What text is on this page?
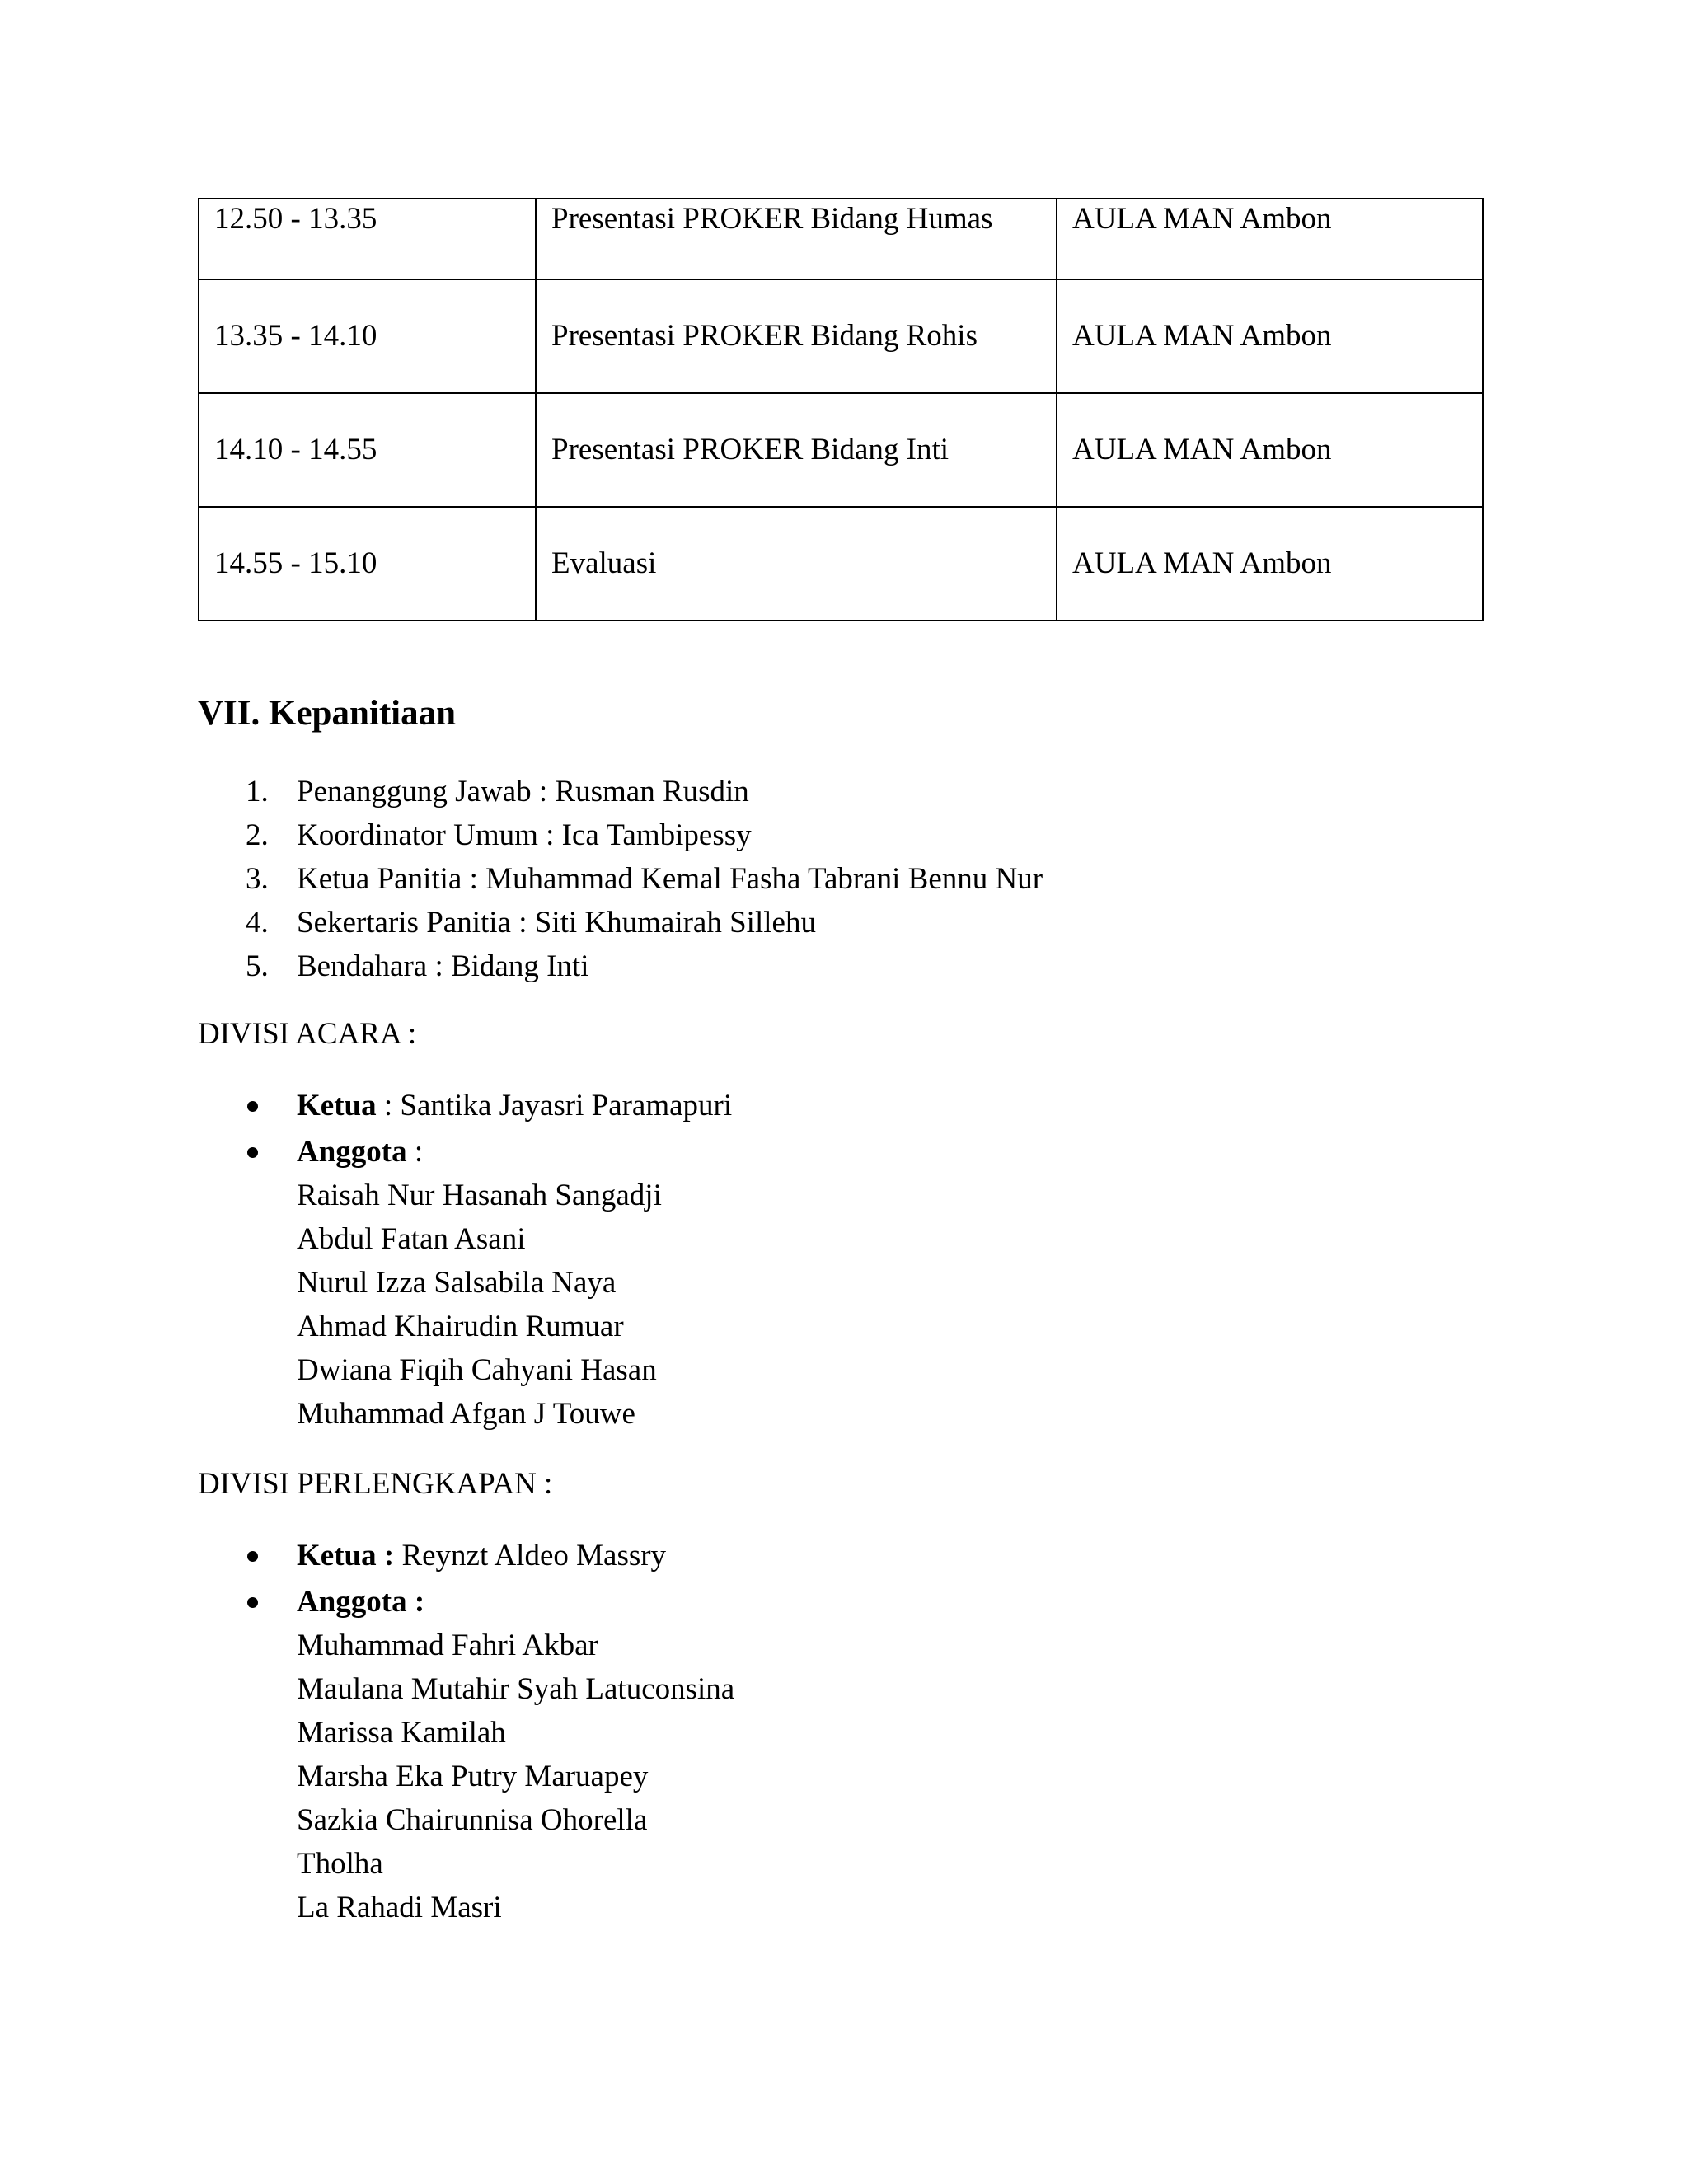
12.50 - 13.35	Presentasi PROKER Bidang Humas	AULA MAN Ambon
13.35 - 14.10	Presentasi PROKER Bidang Rohis	AULA MAN Ambon
14.10 - 14.55	Presentasi PROKER Bidang Inti	AULA MAN Ambon
14.55 - 15.10	Evaluasi	AULA MAN Ambon
VII. Kepanitiaan
1. Penanggung Jawab : Rusman Rusdin
2. Koordinator Umum : Ica Tambipessy
3. Ketua Panitia : Muhammad Kemal Fasha Tabrani Bennu Nur
4. Sekertaris Panitia : Siti Khumairah Sillehu
5. Bendahara : Bidang Inti

DIVISI ACARA :

Ketua : Santika Jayasri Paramapuri
Anggota :
Raisah Nur Hasanah Sangadji
Abdul Fatan Asani
Nurul Izza Salsabila Naya
Ahmad Khairudin Rumuar
Dwiana Fiqih Cahyani Hasan
Muhammad Afgan J Touwe

DIVISI PERLENGKAPAN :

Ketua : Reynzt Aldeo Massry
Anggota :
Muhammad Fahri Akbar
Maulana Mutahir Syah Latuconsina
Marissa Kamilah
Marsha Eka Putry Maruapey
Sazkia Chairunnisa Ohorella
Tholha
La Rahadi Masri
